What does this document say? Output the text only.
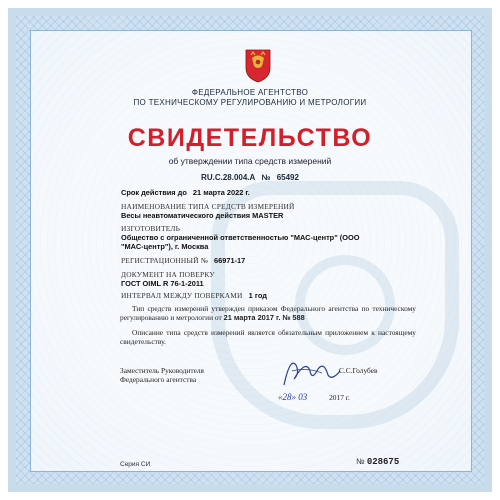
ФЕДЕРАЛЬНОЕ АГЕНТСТВО
ПО ТЕХНИЧЕСКОМУ РЕГУЛИРОВАНИЮ И МЕТРОЛОГИИ
СВИДЕТЕЛЬСТВО
об утверждении типа средств измерений
RU.C.28.004.A № 65492
Срок действия до 21 марта 2022 г.
НАИМЕНОВАНИЕ ТИПА СРЕДСТВ ИЗМЕРЕНИЙ
Весы неавтоматического действия MASTER
ИЗГОТОВИТЕЛЬ
Общество с ограниченной ответственностью "МАС-центр" (ООО "МАС-центр"), г. Москва
РЕГИСТРАЦИОННЫЙ № 66971-17
ДОКУМЕНТ НА ПОВЕРКУ
ГОСТ OIML R 76-1-2011
ИНТЕРВАЛ МЕЖДУ ПОВЕРКАМИ 1 год
Тип средств измерений утвержден приказом Федерального агентства по техническому регулированию и метрологии от 21 марта 2017 г. № 588
Описание типа средств измерений является обязательным приложением к настоящему свидетельству.
Заместитель Руководителя
Федерального агентства
С.С.Голубев
«28» 03	2017 г.
Серия СИ	№ 028675
